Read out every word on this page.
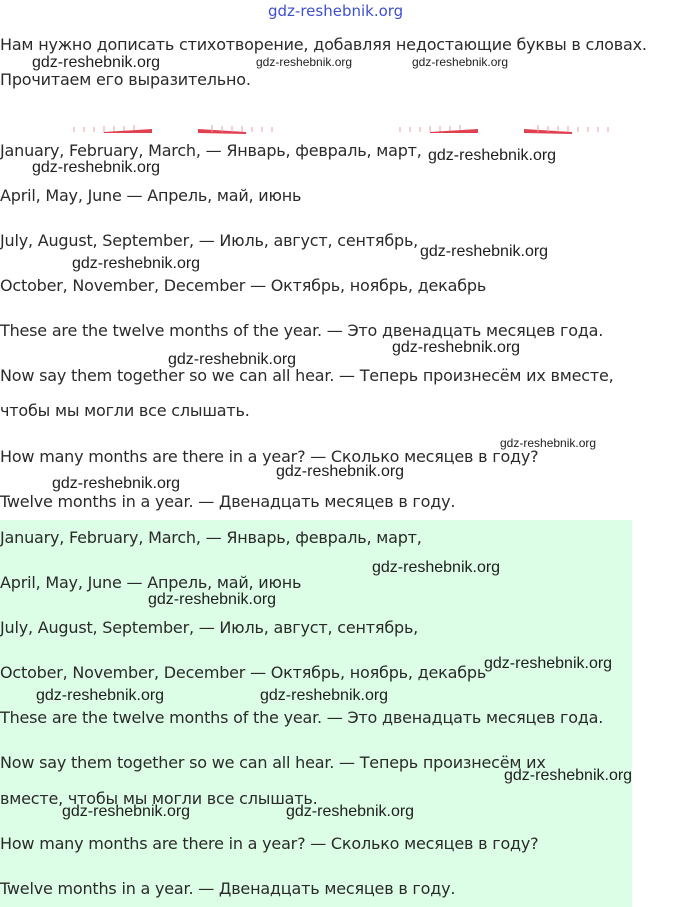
gdz-reshebnik.org
Нам нужно дописать стихотворение, добавляя недостающие буквы в словах.
Прочитаем его выразительно.
January, February, March, — Январь, февраль, март,
April, May, June — Апрель, май, июнь
July, August, September, — Июль, август, сентябрь,
October, November, December — Октябрь, ноябрь, декабрь
These are the twelve months of the year. — Это двенадцать месяцев года.
Now say them together so we can all hear. — Теперь произнесём их вместе,
чтобы мы могли все слышать.
How many months are there in a year? — Сколько месяцев в году?
Twelve months in a year. — Двенадцать месяцев в году.
January, February, March, — Январь, февраль, март,
April, May, June — Апрель, май, июнь
July, August, September, — Июль, август, сентябрь,
October, November, December — Октябрь, ноябрь, декабрь
These are the twelve months of the year. — Это двенадцать месяцев года.
Now say them together so we can all hear. — Теперь произнесём их
вместе, чтобы мы могли все слышать.
How many months are there in a year? — Сколько месяцев в году?
Twelve months in a year. — Двенадцать месяцев в году.
gdz-reshebnik.org	gdz-reshebnik.org	gdz-reshebnik.org
gdz-reshebnik.org
gdz-reshebnik.org
gdz-reshebnik.org
gdz-reshebnik.org
gdz-reshebnik.org
gdz-reshebnik.org
gdz-reshebnik.org
gdz-reshebnik.org
gdz-reshebnik.org
gdz-reshebnik.org
gdz-reshebnik.org
gdz-reshebnik.org
gdz-reshebnik.org	gdz-reshebnik.org
gdz-reshebnik.org
gdz-reshebnik.org	gdz-reshebnik.org
